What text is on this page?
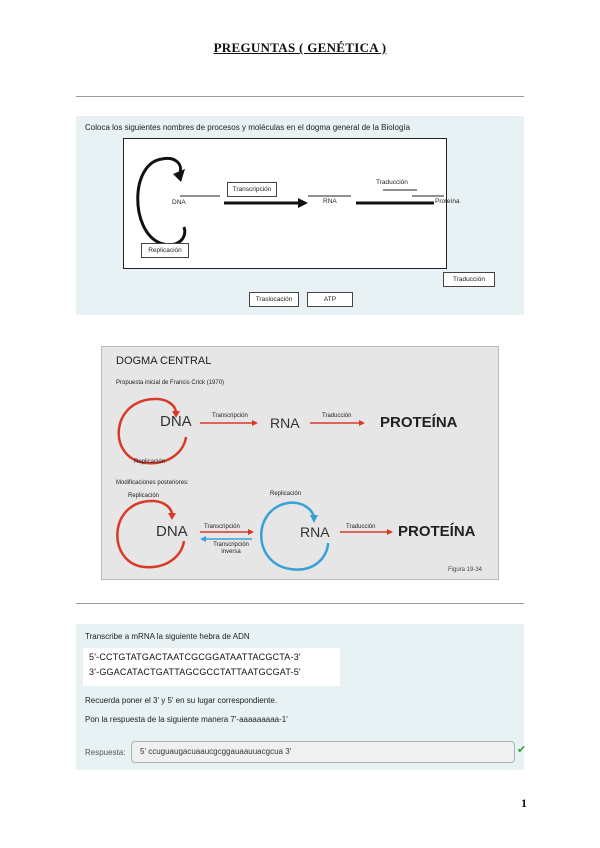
PREGUNTAS ( GENÉTICA )
Coloca los siguientes nombres de procesos y moléculas en el dogma general de la Biología
DNA
Transcripción
RNA
Traducción
Proteína
Replicación
Traducción
Traslocación	ATP
DOGMA CENTRAL
Propuesta inicial de Francis Crick (1970)
DNA	Transcripción RNA	Traducción PROTEÍNA
Replicación
Modificaciones posteriores:
Replicación	Replicación
DNA	Transcripción
Transcripción inversa
RNA	Traducción PROTEÍNA
Figura 19-34
Transcribe a mRNA la siguiente hebra de ADN
5'-CCTGTATGACTAATCGCGGATAATTACGCTA-3'
3'-GGACATACTGATTAGCGCCTATTAATGCGAT-5'
Recuerda poner el 3' y 5' en su lugar correspondiente.
Pon la respuesta de la siguiente manera 7'-aaaaaaaaa-1'
Respuesta: 5' ccuguaugacuaaucgcggauaauuacgcua 3'	✔
1
